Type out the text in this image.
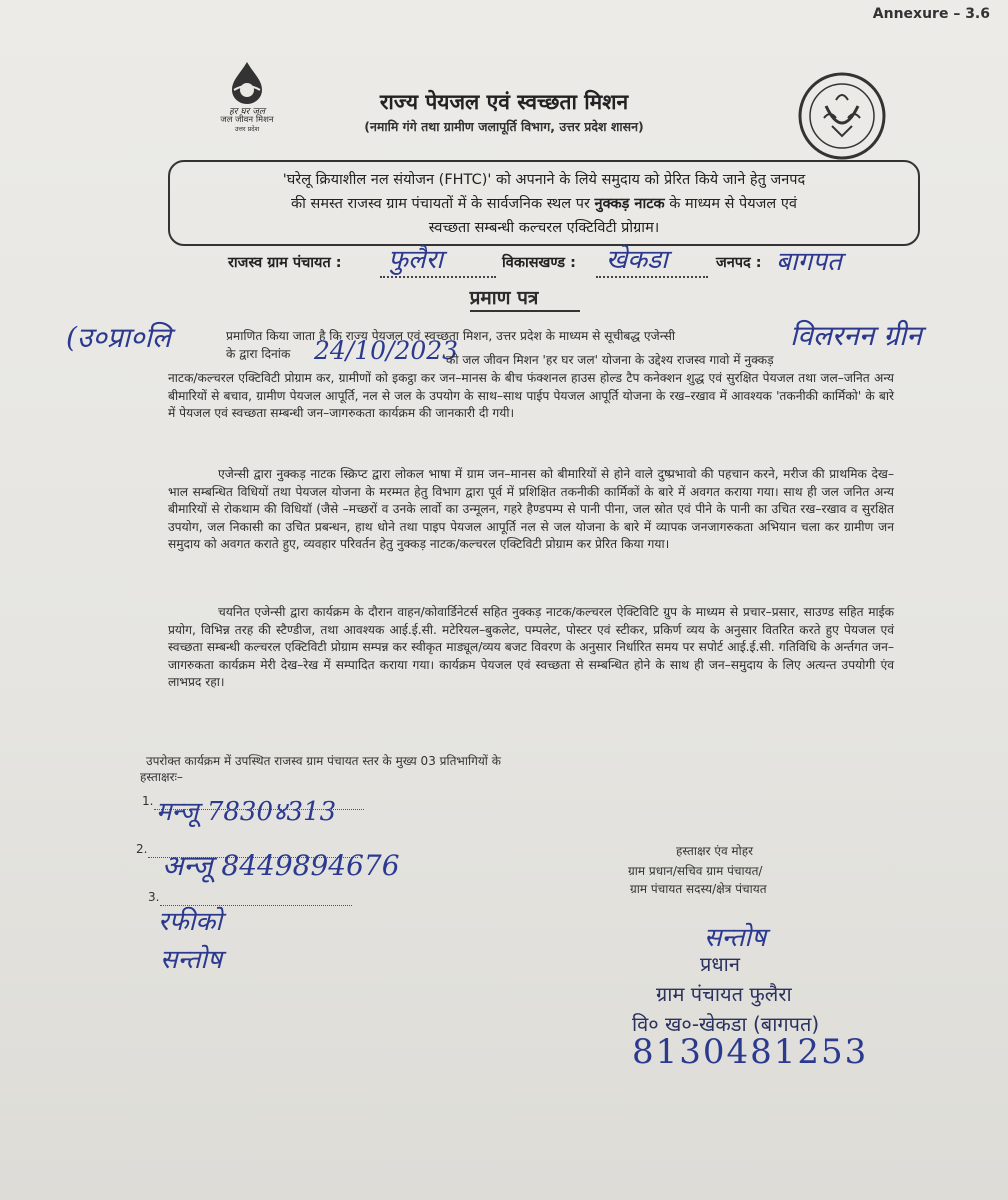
Annexure – 3.6
हर घर जल
जल जीवन मिशन
उत्तर प्रदेश
राज्य पेयजल एवं स्वच्छता मिशन
(नमामि गंगे तथा ग्रामीण जलापूर्ति विभाग, उत्तर प्रदेश शासन)
'घरेलू क्रियाशील नल संयोजन (FHTC)' को अपनाने के लिये समुदाय को प्रेरित किये जाने हेतु जनपद
की समस्त राजस्व ग्राम पंचायतों में के सार्वजनिक स्थल पर नुक्कड़ नाटक के माध्यम से पेयजल एवं
स्वच्छता सम्बन्धी कल्चरल एक्टिविटी प्रोग्राम।
राजस्व ग्राम पंचायत : फुलैरा	विकासखण्ड : खेकडा	जनपद : बागपत
प्रमाण पत्र
(उ०प्रा०लि	विलरनन ग्रीन
प्रमाणित किया जाता है कि राज्य पेयजल एवं स्वच्छता मिशन, उत्तर प्रदेश के माध्यम से सूचीबद्ध एजेन्सी
के द्वारा दिनांक 24/10/2023
को जल जीवन मिशन 'हर घर जल' योजना के उद्देश्य राजस्व गावो में नुक्कड़
नाटक/कल्चरल एक्टिविटी प्रोग्राम कर, ग्रामीणों को इकट्ठा कर जन–मानस के बीच फंक्शनल हाउस होल्ड टैप कनेक्शन शुद्ध एवं सुरक्षित पेयजल तथा जल–जनित अन्य बीमारियों से बचाव, ग्रामीण पेयजल आपूर्ति, नल से जल के उपयोग के साथ–साथ पाईप पेयजल आपूर्ति योजना के रख–रखाव में आवश्यक 'तकनीकी कार्मिको' के बारे में पेयजल एवं स्वच्छता सम्बन्धी जन–जागरुकता कार्यक्रम की जानकारी दी गयी।
एजेन्सी द्वारा नुक्कड़ नाटक स्क्रिप्ट द्वारा लोकल भाषा में ग्राम जन–मानस को बीमारियों से होने वाले दुष्प्रभावो की पहचान करने, मरीज की प्राथमिक देख–भाल सम्बन्धित विधियों तथा पेयजल योजना के मरम्मत हेतु विभाग द्वारा पूर्व में प्रशिक्षित तकनीकी कार्मिकों के बारे में अवगत कराया गया। साथ ही जल जनित अन्य बीमारियों से रोकथाम की विधियॉ (जैसे –मच्छरों व उनके लार्वो का उन्मूलन, गहरे हैण्डपम्प से पानी पीना, जल स्रोत एवं पीने के पानी का उचित रख–रखाव व सुरक्षित उपयोग, जल निकासी का उचित प्रबन्धन, हाथ धोने तथा पाइप पेयजल आपूर्ति नल से जल योजना के बारे में व्यापक जनजागरुकता अभियान चला कर ग्रामीण जन समुदाय को अवगत कराते हुए, व्यवहार परिवर्तन हेतु नुक्कड़ नाटक/कल्चरल एक्टिविटी प्रोग्राम कर प्रेरित किया गया।
चयनित एजेन्सी द्वारा कार्यक्रम के दौरान वाहन/कोवार्डिनेटर्स सहित नुक्कड़ नाटक/कल्चरल ऐक्टिविटि ग्रुप के माध्यम से प्रचार–प्रसार, साउण्ड सहित माईक प्रयोग, विभिन्न तरह की स्टैण्डीज, तथा आवश्यक आई.ई.सी. मटेरियल–बुकलेट, पम्पलेट, पोस्टर एवं स्टीकर, प्रकिर्ण व्यय के अनुसार वितरित करते हुए पेयजल एवं स्वच्छता सम्बन्धी कल्चरल एक्टिविटी प्रोग्राम सम्पन्न कर स्वीकृत माड्यूल/व्यय बजट विवरण के अनुसार निर्धारित समय पर सपोर्ट आई.ई.सी. गतिविधि के अर्न्तगत जन–जागरुकता कार्यक्रम मेरी देख–रेख में सम्पादित कराया गया। कार्यक्रम पेयजल एवं स्वच्छता से सम्बन्धित होने के साथ ही जन–समुदाय के लिए अत्यन्त उपयोगी एंव लाभप्रद रहा।
उपरोक्त कार्यक्रम में उपस्थित राजस्व ग्राम पंचायत स्तर के मुख्य 03 प्रतिभागियों के
हस्ताक्षरः–
1. मन्जू 7830४313
2. अन्जू 8449894676
3.
रफीको
सन्तोष
हस्ताक्षर एंव मोहर
ग्राम प्रधान/सचिव ग्राम पंचायत/
ग्राम पंचायत सदस्य/क्षेत्र पंचायत
सन्तोष
प्रधान
ग्राम पंचायत फुलैरा
वि० ख०-खेकडा (बागपत)
8130481253
